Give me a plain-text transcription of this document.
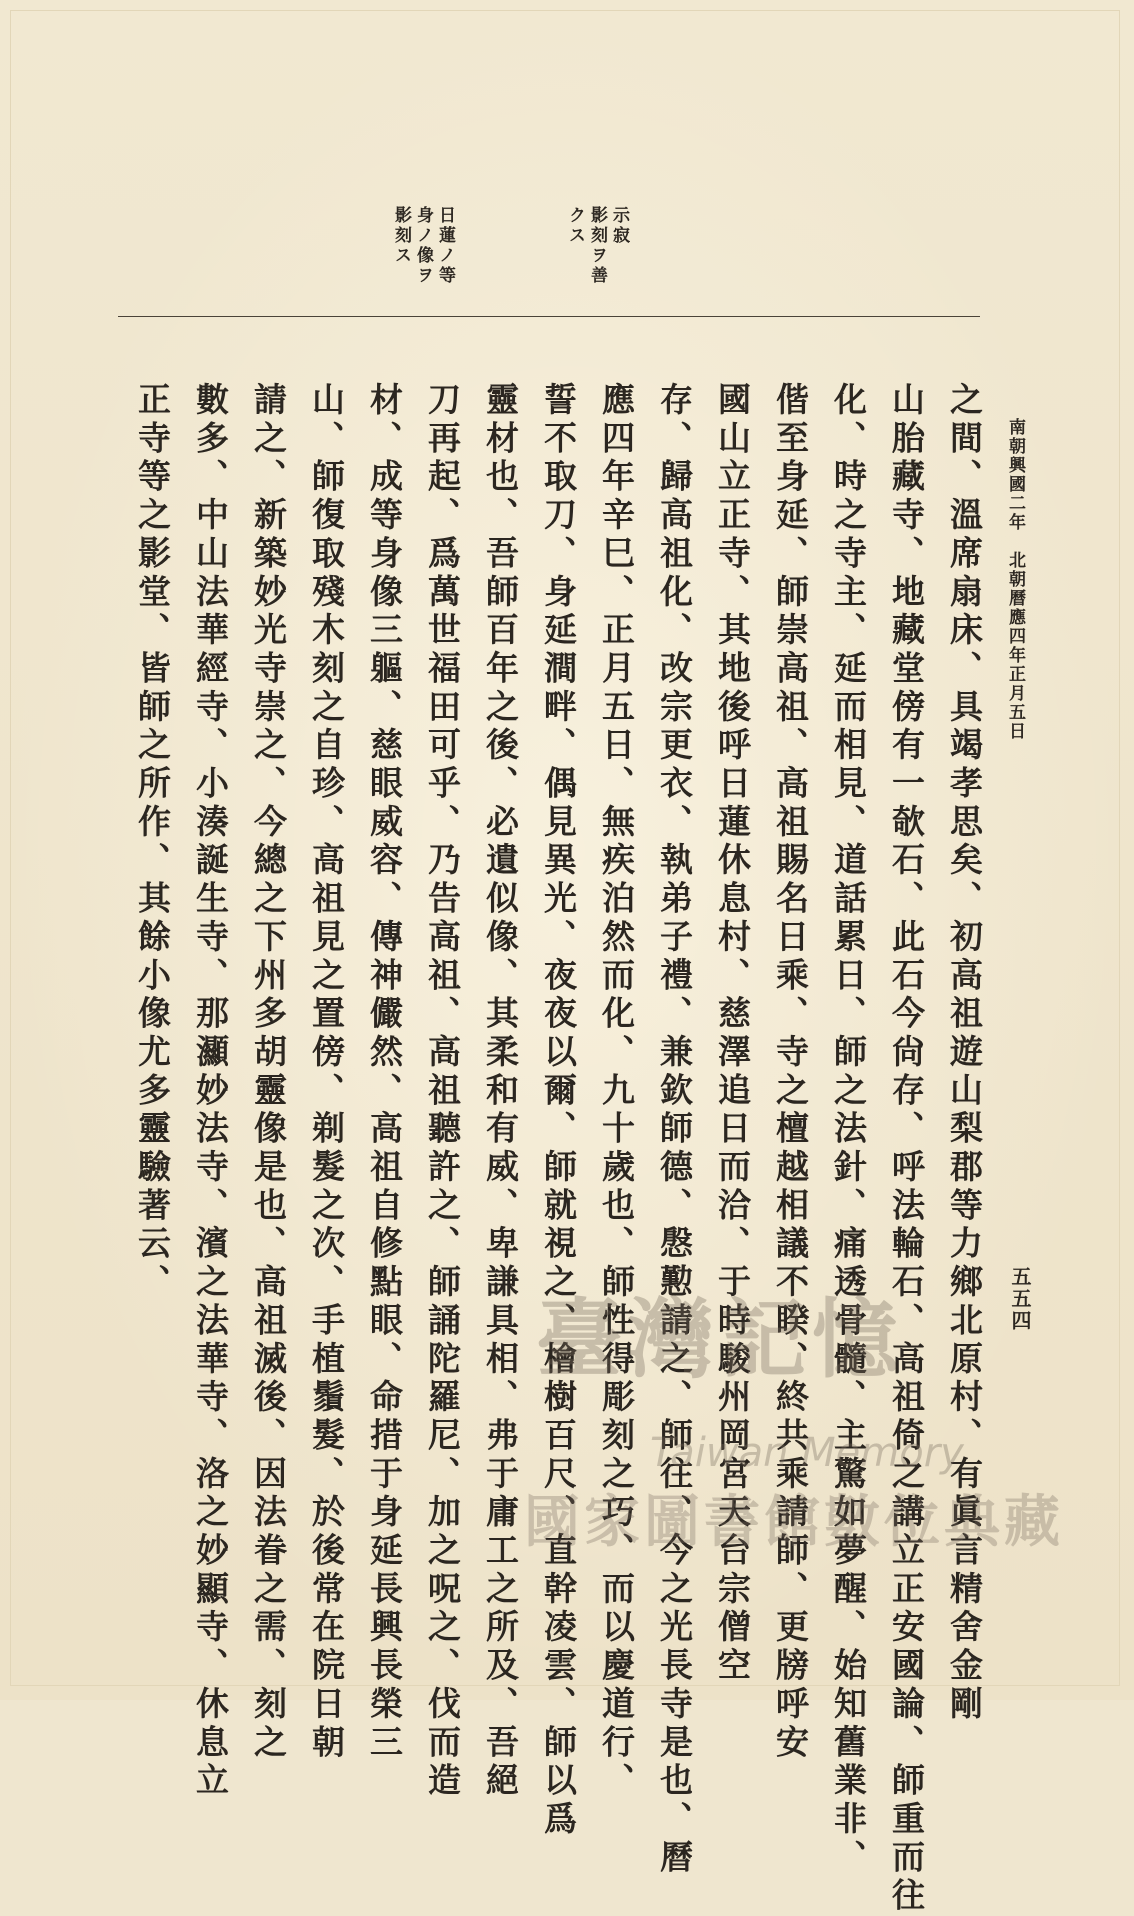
南朝興國二年　北朝曆應四年正月五日
五五四
示寂
影刻ヲ善
クス
日蓮ノ等
身ノ像ヲ
影刻ス
之間、溫席扇床、具竭孝思矣、初高祖遊山梨郡等力鄉北原村、有眞言精舍金剛
山胎藏寺、地藏堂傍有一欹石、此石今尙存、呼法輪石、高祖倚之講立正安國論、師重而往
化、時之寺主、延而相見、道話累日、師之法針、痛透骨髓、主驚如夢醒、始知舊業非、
偕至身延、師崇高祖、高祖賜名日乘、寺之檀越相議不睽、終共乘請師、更牓呼安
國山立正寺、其地後呼日蓮休息村、慈澤追日而洽、于時駿州岡宮天台宗僧空
存、歸高祖化、改宗更衣、執弟子禮、兼欽師德、慇懃請之、師往、今之光長寺是也、曆
應四年辛巳、正月五日、無疾泊然而化、九十歲也、師性得彫刻之巧、而以慶道行、
誓不取刀、身延澗畔、偶見異光、夜夜以爾、師就視之、檜樹百尺、直幹凌雲、師以爲
靈材也、吾師百年之後、必遺似像、其柔和有威、卑謙具相、弗于庸工之所及、吾絕
刀再起、爲萬世福田可乎、乃告高祖、高祖聽許之、師誦陀羅尼、加之呪之、伐而造
材、成等身像三軀、慈眼威容、傳神儼然、高祖自修點眼、命措于身延長興長榮三
山、師復取殘木刻之自珍、高祖見之置傍、剃髮之次、手植鬚髮、於後常在院日朝
請之、新築妙光寺崇之、今總之下州多胡靈像是也、高祖滅後、因法眷之需、刻之
數多、中山法華經寺、小湊誕生寺、那灦妙法寺、濱之法華寺、洛之妙顯寺、休息立
正寺等之影堂、皆師之所作、其餘小像尤多靈驗著云、
臺灣記憶
Taiwan Memory
國家圖書館數位典藏
